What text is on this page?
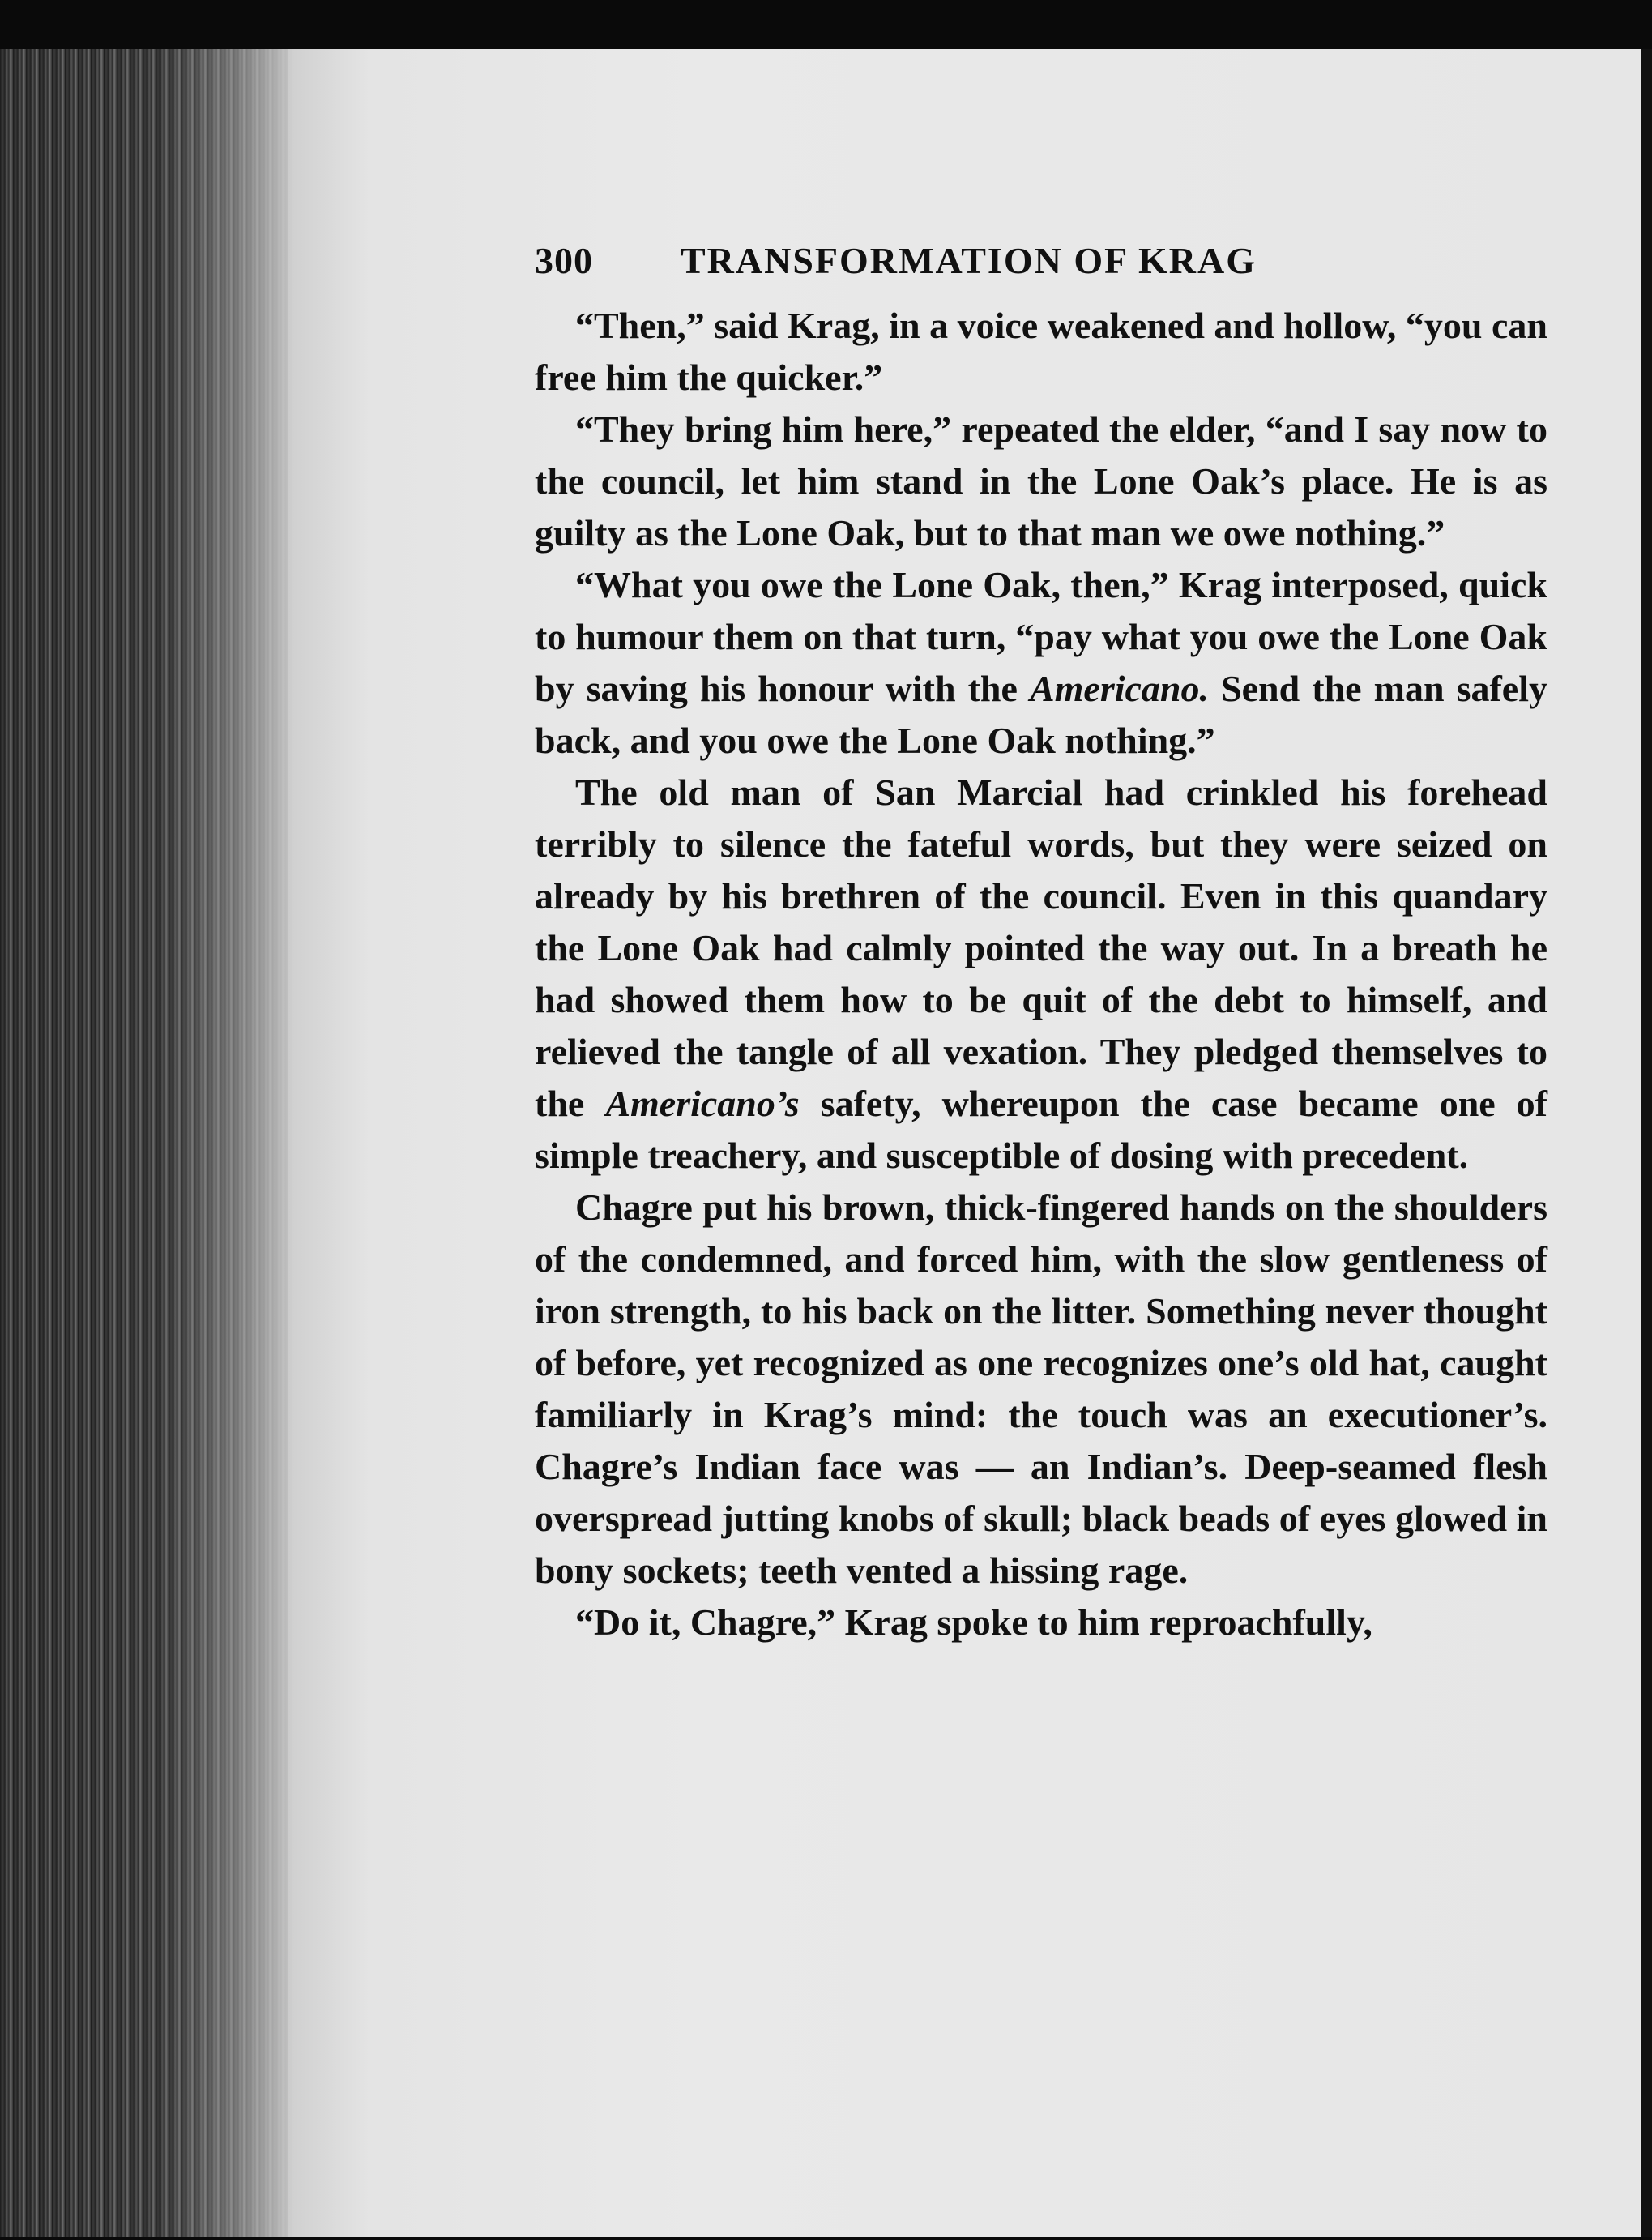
300	TRANSFORMATION OF KRAG

“Then,” said Krag, in a voice weakened and hollow, “you can free him the quicker.”

“They bring him here,” repeated the elder, “and I say now to the council, let him stand in the Lone Oak’s place. He is as guilty as the Lone Oak, but to that man we owe nothing.”

“What you owe the Lone Oak, then,” Krag interposed, quick to humour them on that turn, “pay what you owe the Lone Oak by saving his honour with the Americano. Send the man safely back, and you owe the Lone Oak nothing.”

The old man of San Marcial had crinkled his forehead terribly to silence the fateful words, but they were seized on already by his brethren of the council. Even in this quandary the Lone Oak had calmly pointed the way out. In a breath he had showed them how to be quit of the debt to himself, and relieved the tangle of all vexation. They pledged themselves to the Americano’s safety, whereupon the case became one of simple treachery, and susceptible of dosing with precedent.

Chagre put his brown, thick-fingered hands on the shoulders of the condemned, and forced him, with the slow gentleness of iron strength, to his back on the litter. Something never thought of before, yet recognized as one recognizes one’s old hat, caught familiarly in Krag’s mind: the touch was an executioner’s. Chagre’s Indian face was — an Indian’s. Deep-seamed flesh overspread jutting knobs of skull; black beads of eyes glowed in bony sockets; teeth vented a hissing rage.

“Do it, Chagre,” Krag spoke to him reproachfully,
